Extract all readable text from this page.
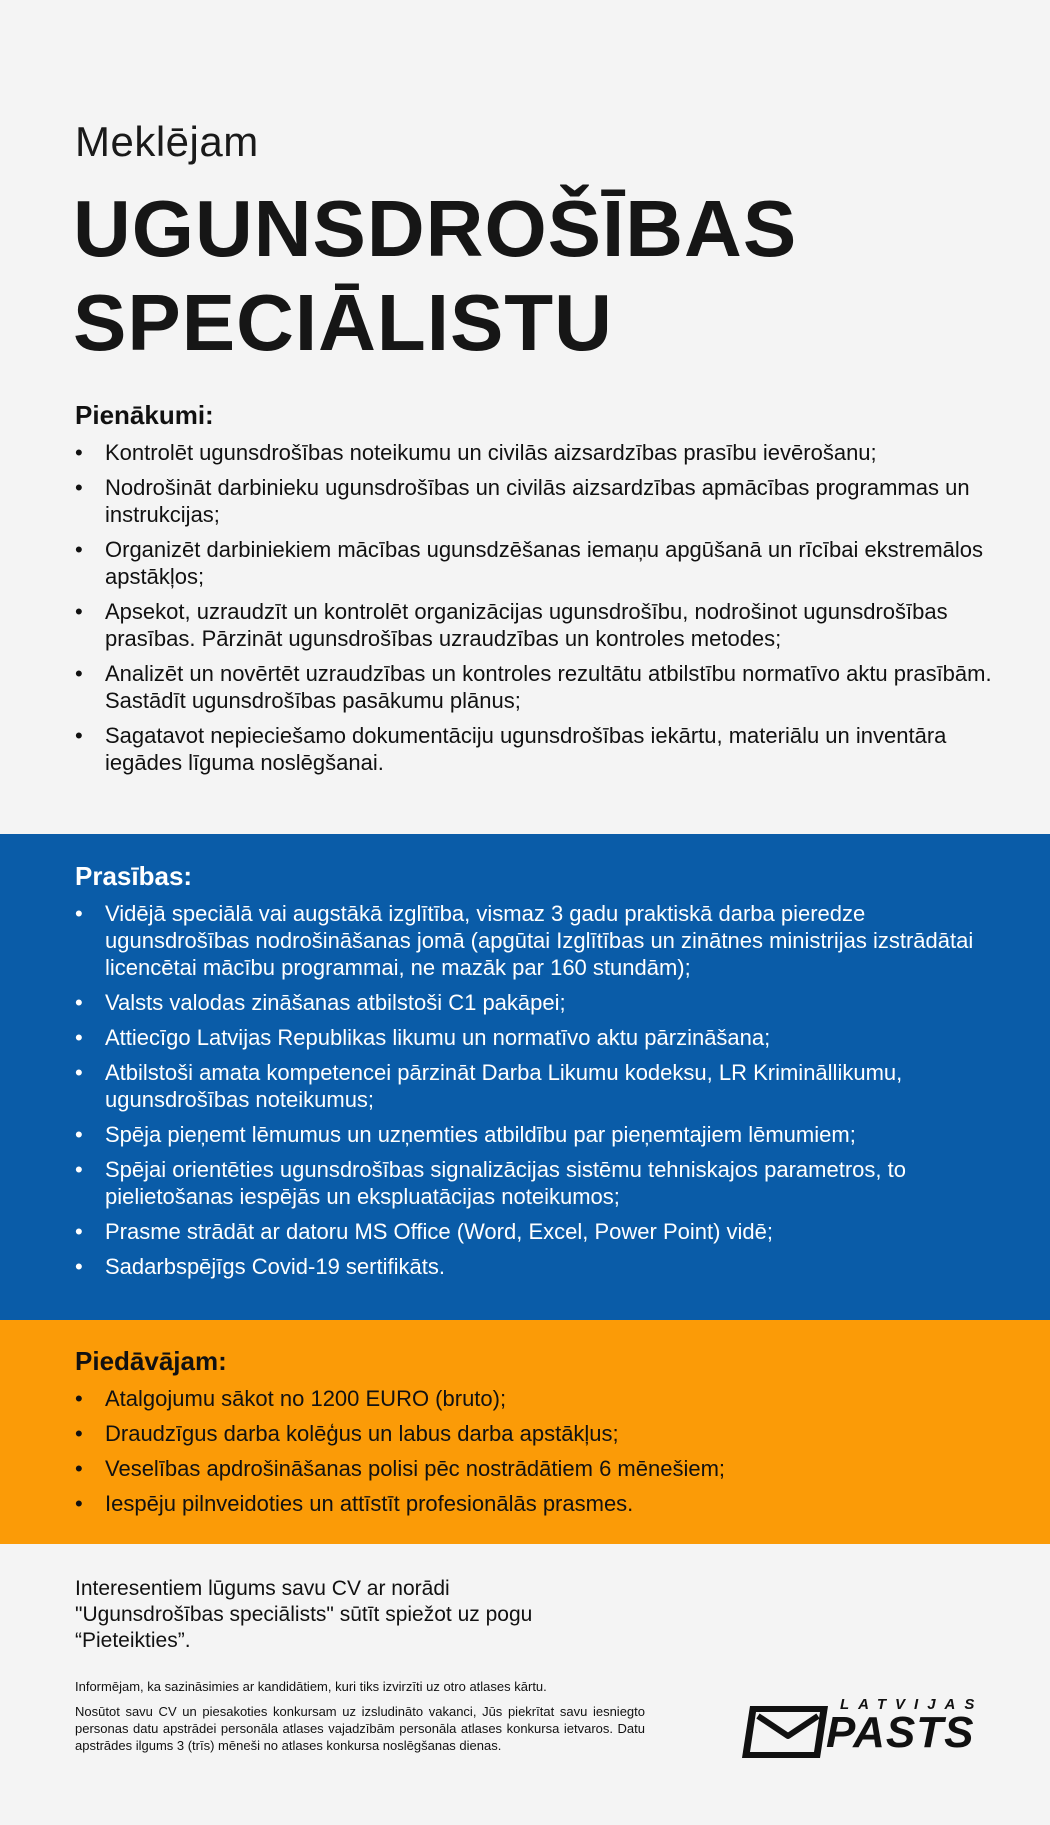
Meklējam
UGUNSDROŠĪBAS
SPECIĀLISTU
Pienākumi:
• Kontrolēt ugunsdrošības noteikumu un civilās aizsardzības prasību ievērošanu;
• Nodrošināt darbinieku ugunsdrošības un civilās aizsardzības apmācības programmas un instrukcijas;
• Organizēt darbiniekiem mācības ugunsdzēšanas iemaņu apgūšanā un rīcībai ekstremālos apstākļos;
• Apsekot, uzraudzīt un kontrolēt organizācijas ugunsdrošību, nodrošinot ugunsdrošības prasības. Pārzināt ugunsdrošības uzraudzības un kontroles metodes;
• Analizēt un novērtēt uzraudzības un kontroles rezultātu atbilstību normatīvo aktu prasībām. Sastādīt ugunsdrošības pasākumu plānus;
• Sagatavot nepieciešamo dokumentāciju ugunsdrošības iekārtu, materiālu un inventāra iegādes līguma noslēgšanai.
Prasības:
• Vidējā speciālā vai augstākā izglītība, vismaz 3 gadu praktiskā darba pieredze ugunsdrošības nodrošināšanas jomā (apgūtai Izglītības un zinātnes ministrijas izstrādātai licencētai mācību programmai, ne mazāk par 160 stundām);
• Valsts valodas zināšanas atbilstoši C1 pakāpei;
• Attiecīgo Latvijas Republikas likumu un normatīvo aktu pārzināšana;
• Atbilstoši amata kompetencei pārzināt Darba Likumu kodeksu, LR Krimināllikumu, ugunsdrošības noteikumus;
• Spēja pieņemt lēmumus un uzņemties atbildību par pieņemtajiem lēmumiem;
• Spējai orientēties ugunsdrošības signalizācijas sistēmu tehniskajos parametros, to pielietošanas iespējās un ekspluatācijas noteikumos;
• Prasme strādāt ar datoru MS Office (Word, Excel, Power Point) vidē;
• Sadarbspējīgs Covid-19 sertifikāts.
Piedāvājam:
• Atalgojumu sākot no 1200 EURO (bruto);
• Draudzīgus darba kolēģus un labus darba apstākļus;
• Veselības apdrošināšanas polisi pēc nostrādātiem 6 mēnešiem;
• Iespēju pilnveidoties un attīstīt profesionālās prasmes.
Interesentiem lūgums savu CV ar norādi
"Ugunsdrošības speciālists" sūtīt spiežot uz pogu
“Pieteikties”.
Informējam, ka sazināsimies ar kandidātiem, kuri tiks izvirzīti uz otro atlases kārtu.
Nosūtot savu CV un piesakoties konkursam uz izsludināto vakanci, Jūs piekrītat savu iesniegto personas datu apstrādei personāla atlases vajadzībām personāla atlases konkursa ietvaros. Datu apstrādes ilgums 3 (trīs) mēneši no atlases konkursa noslēgšanas dienas.
LATVIJAS
PASTS
